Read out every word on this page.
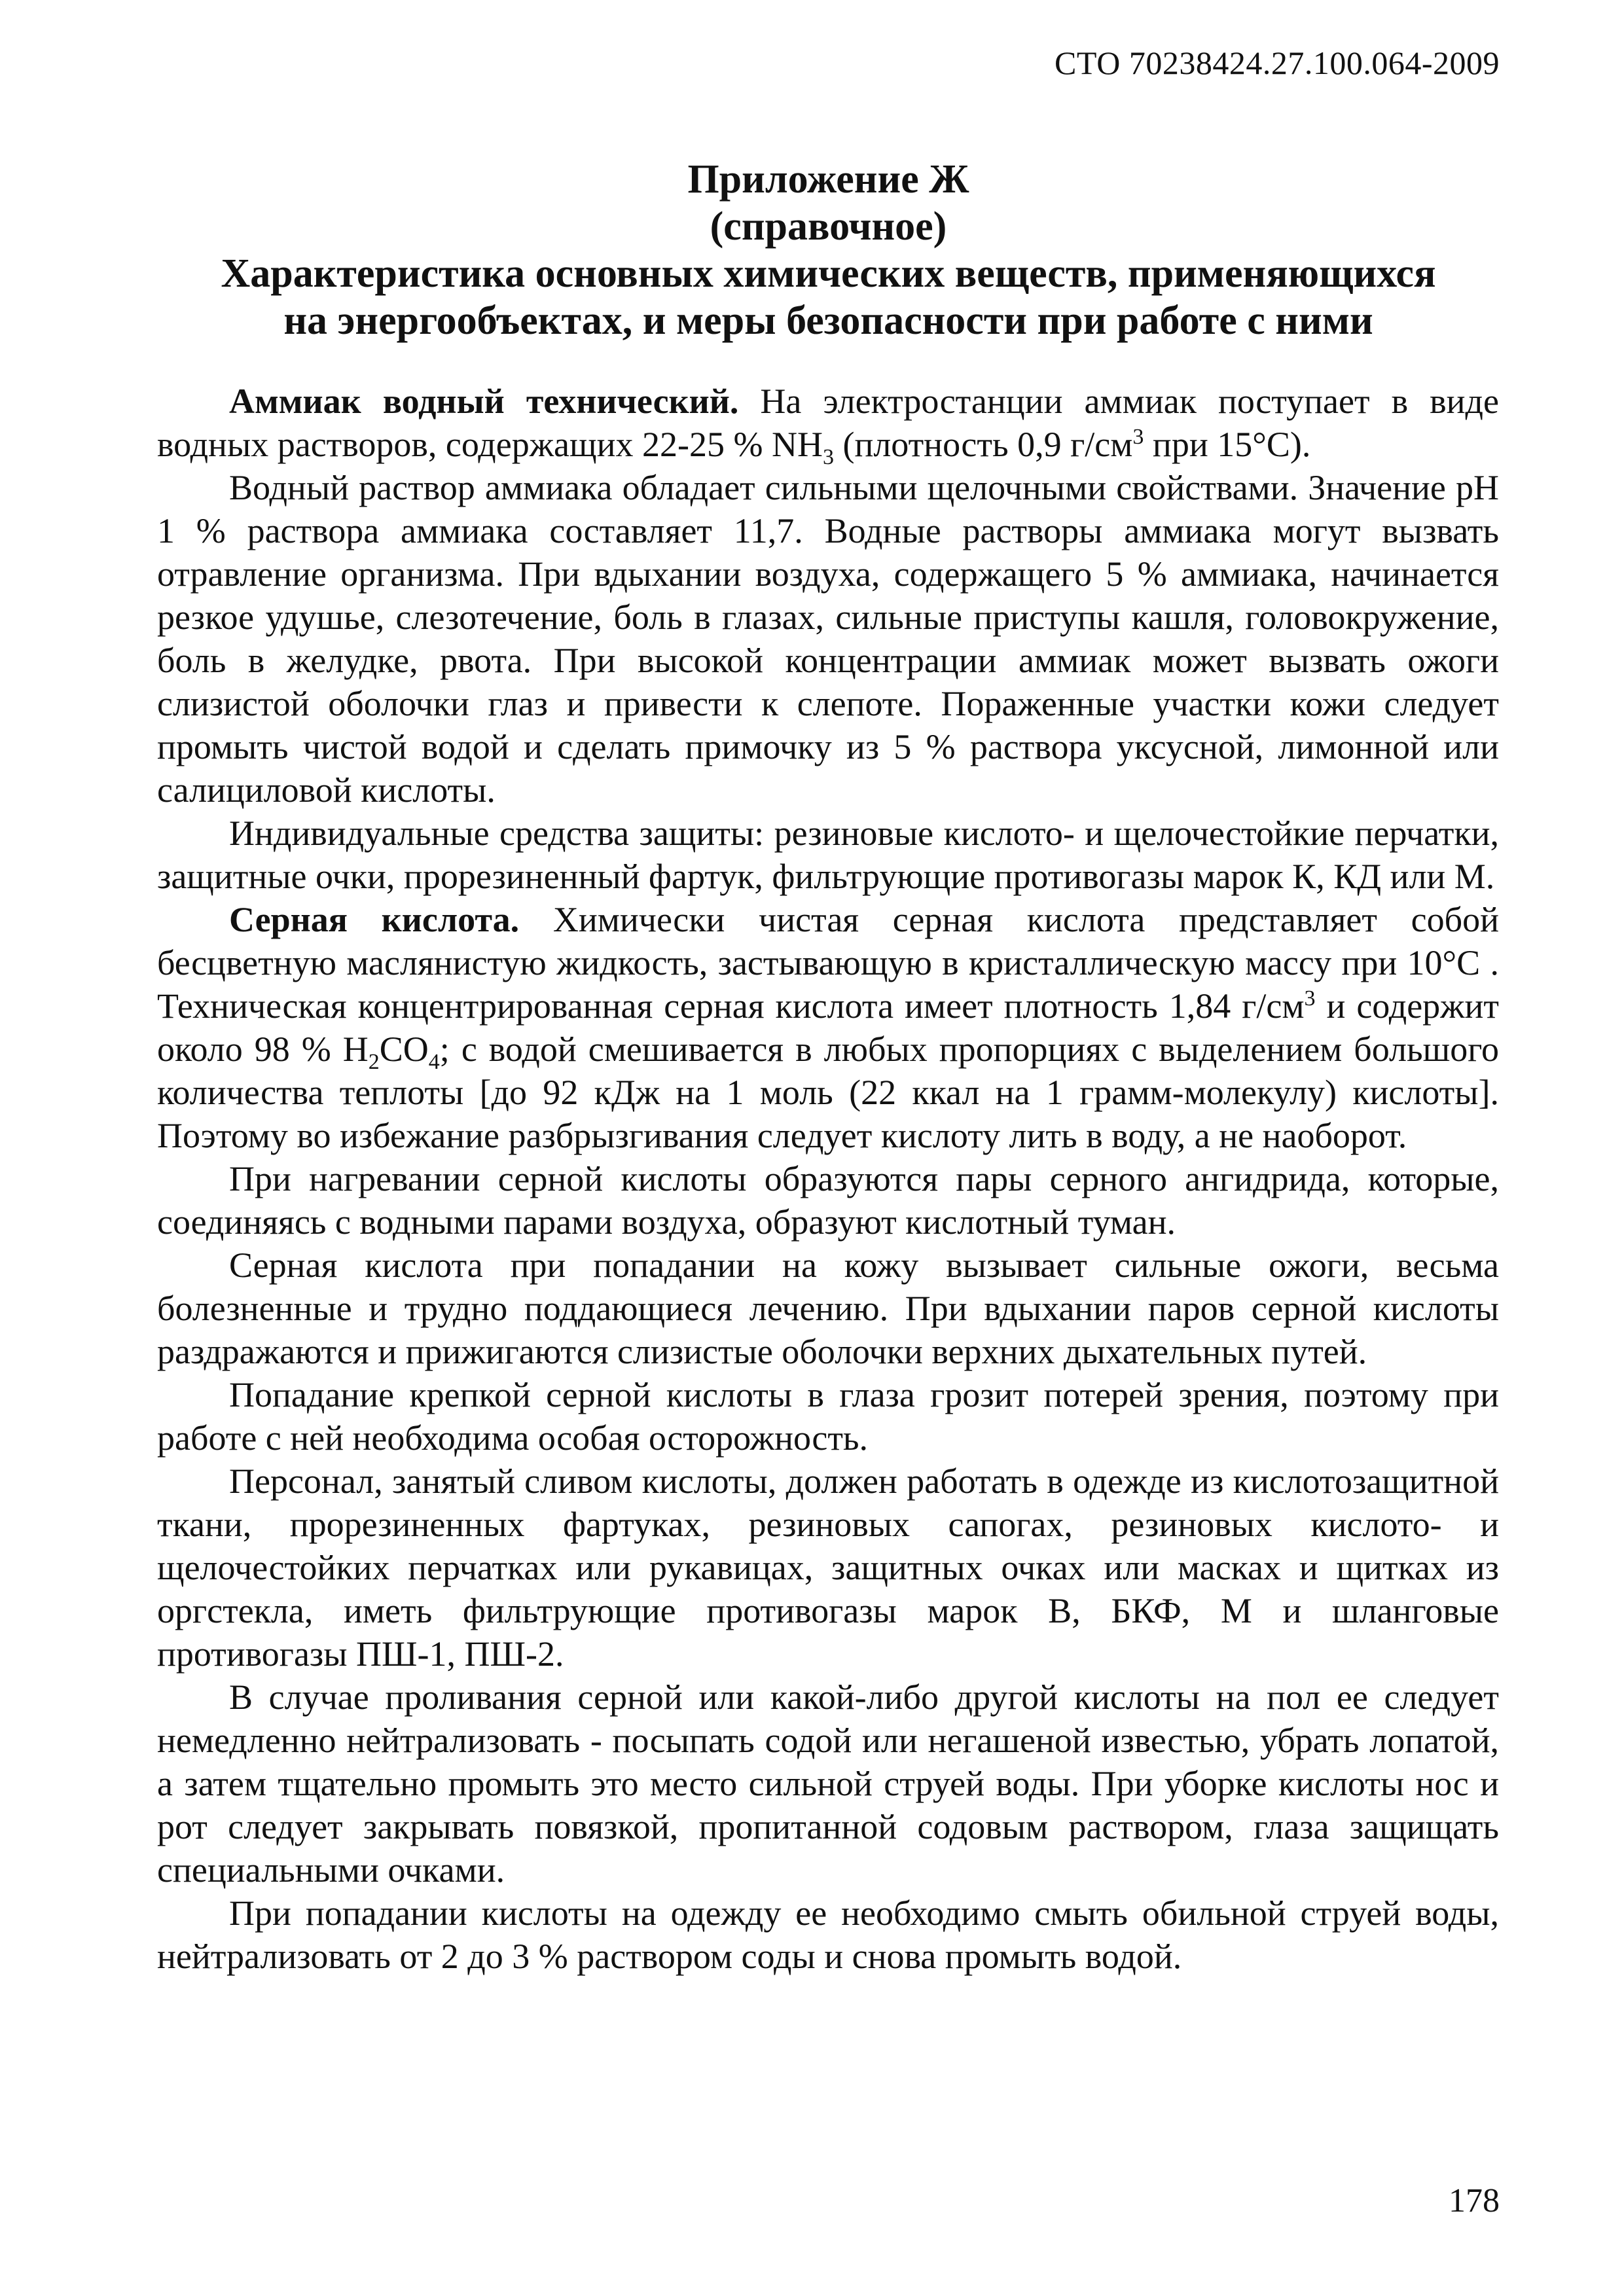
СТО 70238424.27.100.064-2009
Приложение Ж
(справочное)
Характеристика основных химических веществ, применяющихся
на энергообъектах, и меры безопасности при работе с ними

Аммиак водный технический. На электростанции аммиак поступает в виде водных растворов, содержащих 22-25 % $NH_3$ (плотность 0,9 $г/см^3$ при 15°С).

Водный раствор аммиака обладает сильными щелочными свойствами. Значение рН 1 % раствора аммиака составляет 11,7. Водные растворы аммиака могут вызвать отравление организма. При вдыхании воздуха, содержащего 5 % аммиака, начинается резкое удушье, слезотечение, боль в глазах, сильные приступы кашля, головокружение, боль в желудке, рвота. При высокой концентрации аммиак может вызвать ожоги слизистой оболочки глаз и привести к слепоте. Пораженные участки кожи следует промыть чистой водой и сделать примочку из 5 % раствора уксусной, лимонной или салициловой кислоты.

Индивидуальные средства защиты: резиновые кислото- и щелочестойкие перчатки, защитные очки, прорезиненный фартук, фильтрующие противогазы марок К, КД или М.

Серная кислота. Химически чистая серная кислота представляет собой бесцветную маслянистую жидкость, застывающую в кристаллическую массу при 10°С . Техническая концентрированная серная кислота имеет плотность 1,84 $г/см^3$ и содержит около 98 % $H_2CO_4$; с водой смешивается в любых пропорциях с выделением большого количества теплоты [до 92 кДж на 1 моль (22 ккал на 1 грамм-молекулу) кислоты]. Поэтому во избежание разбрызгивания следует кислоту лить в воду, а не наоборот.

При нагревании серной кислоты образуются пары серного ангидрида, которые, соединяясь с водными парами воздуха, образуют кислотный туман.

Серная кислота при попадании на кожу вызывает сильные ожоги, весьма болезненные и трудно поддающиеся лечению. При вдыхании паров серной кислоты раздражаются и прижигаются слизистые оболочки верхних дыхательных путей.

Попадание крепкой серной кислоты в глаза грозит потерей зрения, поэтому при работе с ней необходима особая осторожность.

Персонал, занятый сливом кислоты, должен работать в одежде из кислотозащитной ткани, прорезиненных фартуках, резиновых сапогах, резиновых кислото- и щелочестойких перчатках или рукавицах, защитных очках или масках и щитках из оргстекла, иметь фильтрующие противогазы марок В, БКФ, М и шланговые противогазы ПШ-1, ПШ-2.

В случае проливания серной или какой-либо другой кислоты на пол ее следует немедленно нейтрализовать - посыпать содой или негашеной известью, убрать лопатой, а затем тщательно промыть это место сильной струей воды. При уборке кислоты нос и рот следует закрывать повязкой, пропитанной содовым раствором, глаза защищать специальными очками.

При попадании кислоты на одежду ее необходимо смыть обильной струей воды, нейтрализовать от 2 до 3 % раствором соды и снова промыть водой.

178
